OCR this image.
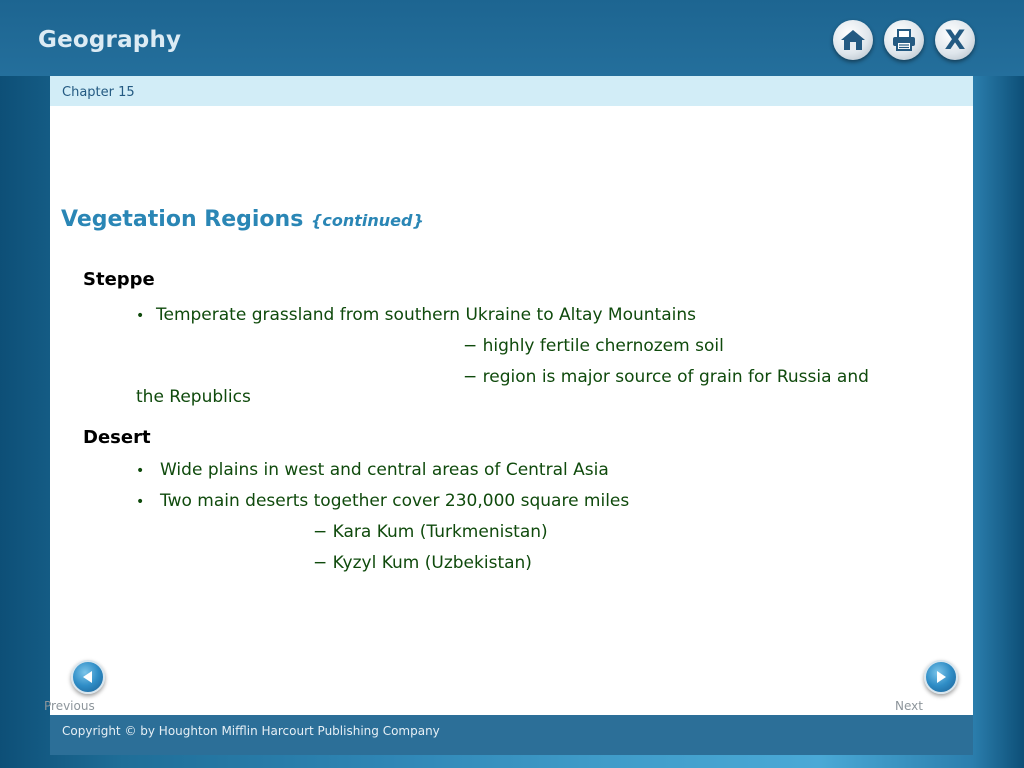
Geography	X
Chapter 15
Vegetation Regions {continued}
Steppe
• Temperate grassland from southern Ukraine to Altay Mountains
− highly fertile chernozem soil
− region is major source of grain for Russia and
the Republics
Desert
• Wide plains in west and central areas of Central Asia
• Two main deserts together cover 230,000 square miles
− Kara Kum (Turkmenistan)
− Kyzyl Kum (Uzbekistan)
Previous	Next
Copyright © by Houghton Mifflin Harcourt Publishing Company
